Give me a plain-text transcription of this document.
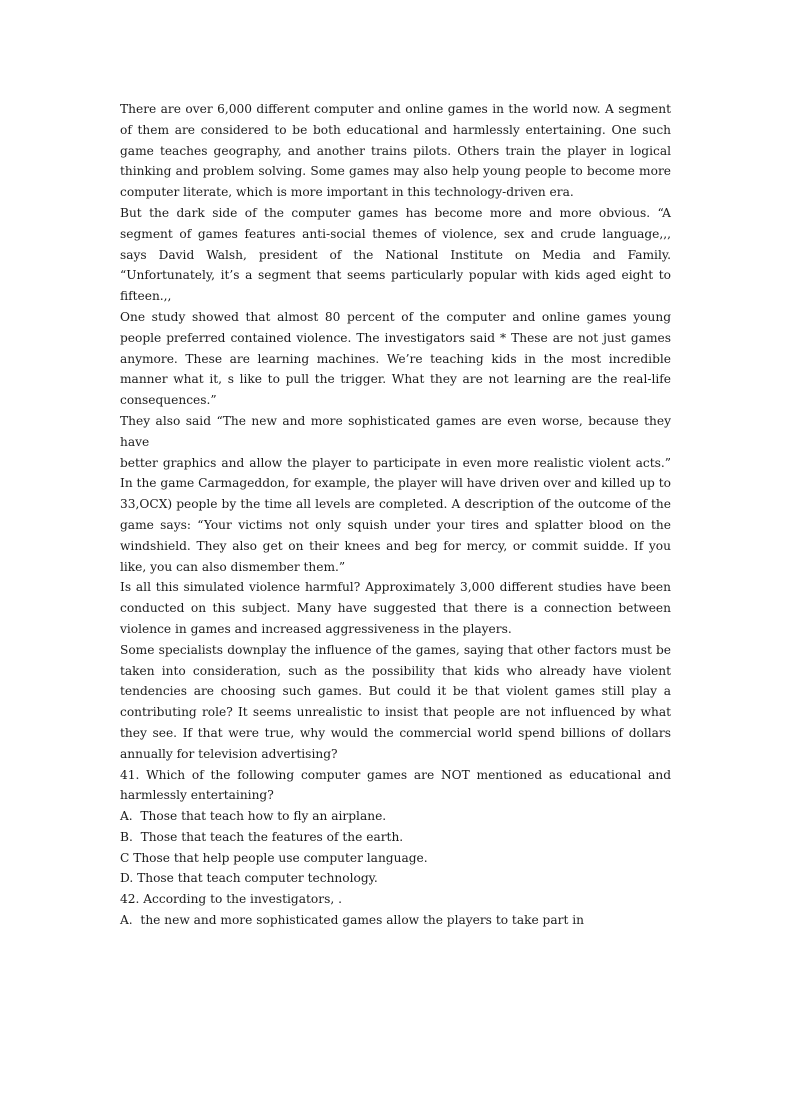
There are over 6,000 different computer and online games in the world now. A segment of them are considered to be both educational and harmlessly entertaining. One such game teaches geography, and another trains pilots. Others train the player in logical thinking and problem solving. Some games may also help young people to become more computer literate, which is more important in this technology-driven era.

But the dark side of the computer games has become more and more obvious. “A segment of games features anti-social themes of violence, sex and crude language,,, says David Walsh, president of the National Institute on Media and Family. “Unfortunately, it’s a segment that seems particularly popular with kids aged eight to fifteen.,,

One study showed that almost 80 percent of the computer and online games young people preferred contained violence. The investigators said * These are not just games anymore. These are learning machines. We’re teaching kids in the most incredible manner what it, s like to pull the trigger. What they are not learning are the real-life consequences.”

They also said “The new and more sophisticated games are even worse, because they have

better graphics and allow the player to participate in even more realistic violent acts.” In the game Carmageddon, for example, the player will have driven over and killed up to 33,OCX) people by the time all levels are completed. A description of the outcome of the game says: “Your victims not only squish under your tires and splatter blood on the windshield. They also get on their knees and beg for mercy, or commit suidde. If you like, you can also dismember them.”

Is all this simulated violence harmful? Approximately 3,000 different studies have been conducted on this subject. Many have suggested that there is a connection between violence in games and increased aggressiveness in the players.

Some specialists downplay the influence of the games, saying that other factors must be taken into consideration, such as the possibility that kids who already have violent tendencies are choosing such games. But could it be that violent games still play a contributing role? It seems unrealistic to insist that people are not influenced by what they see. If that were true, why would the commercial world spend billions of dollars annually for television advertising?

41. Which of the following computer games are NOT mentioned as educational and harmlessly entertaining?

A.  Those that teach how to fly an airplane.

B.  Those that teach the features of the earth.

C Those that help people use computer language.

D. Those that teach computer technology.

42. According to the investigators, .

A.  the new and more sophisticated games allow the players to take part in
